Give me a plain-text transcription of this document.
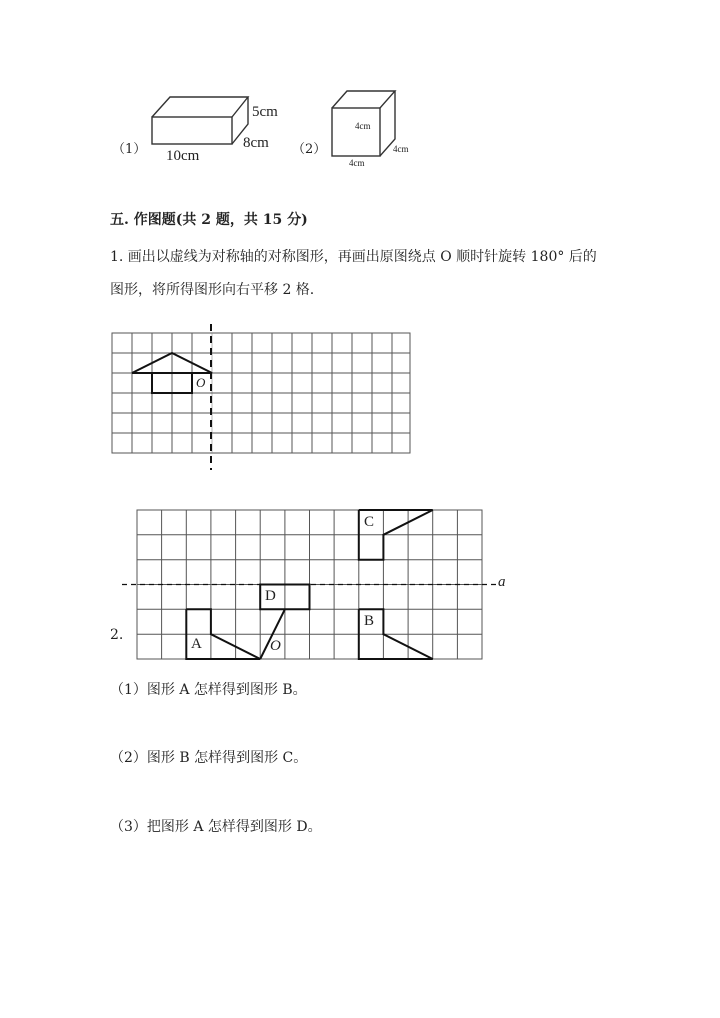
（1）
5cm
8cm
10cm	（2）
4cm
4cm
4cm
五. 作图题(共 2 题，共 15 分)
1. 画出以虚线为对称轴的对称图形，再画出原图绕点 O 顺时针旋转 180° 后的
图形，将所得图形向右平移 2 格.
O
A
B
C
D
O
a
2.
（1）图形 A 怎样得到图形 B。
（2）图形 B 怎样得到图形 C。
（3）把图形 A 怎样得到图形 D。
